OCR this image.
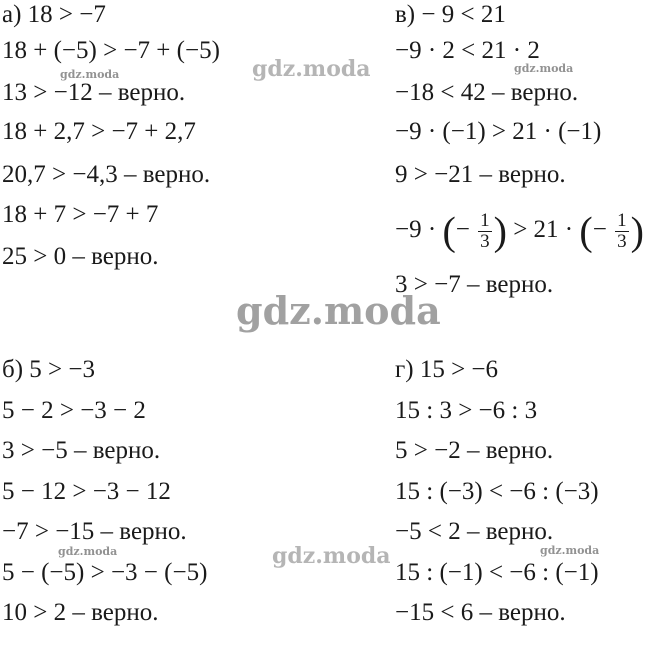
а) 18 > −7
18 + (−5) > −7 + (−5)
13 > −12 – верно.
18 + 2,7 > −7 + 2,7
20,7 > −4,3 – верно.
18 + 7 > −7 + 7
25 > 0 – верно.
в) − 9 < 21
−9 · 2 < 21 · 2
−18 < 42 – верно.
−9 · (−1) > 21 · (−1)
9 > −21 – верно.
−9 · (− $\frac{1}{3}$ ) > 21 · (− $\frac{1}{3}$ )
3 > −7 – верно.
б) 5 > −3
5 − 2 > −3 − 2
3 > −5 – верно.
5 − 12 > −3 − 12
−7 > −15 – верно.
5 − (−5) > −3 − (−5)
10 > 2 – верно.
г) 15 > −6
15 : 3 > −6 : 3
5 > −2 – верно.
15 : (−3) < −6 : (−3)
−5 < 2 – верно.
15 : (−1) < −6 : (−1)
−15 < 6 – верно.
gdz.moda
gdz.moda	gdz.moda
gdz.moda
gdz.moda	gdz.moda	gdz.moda
